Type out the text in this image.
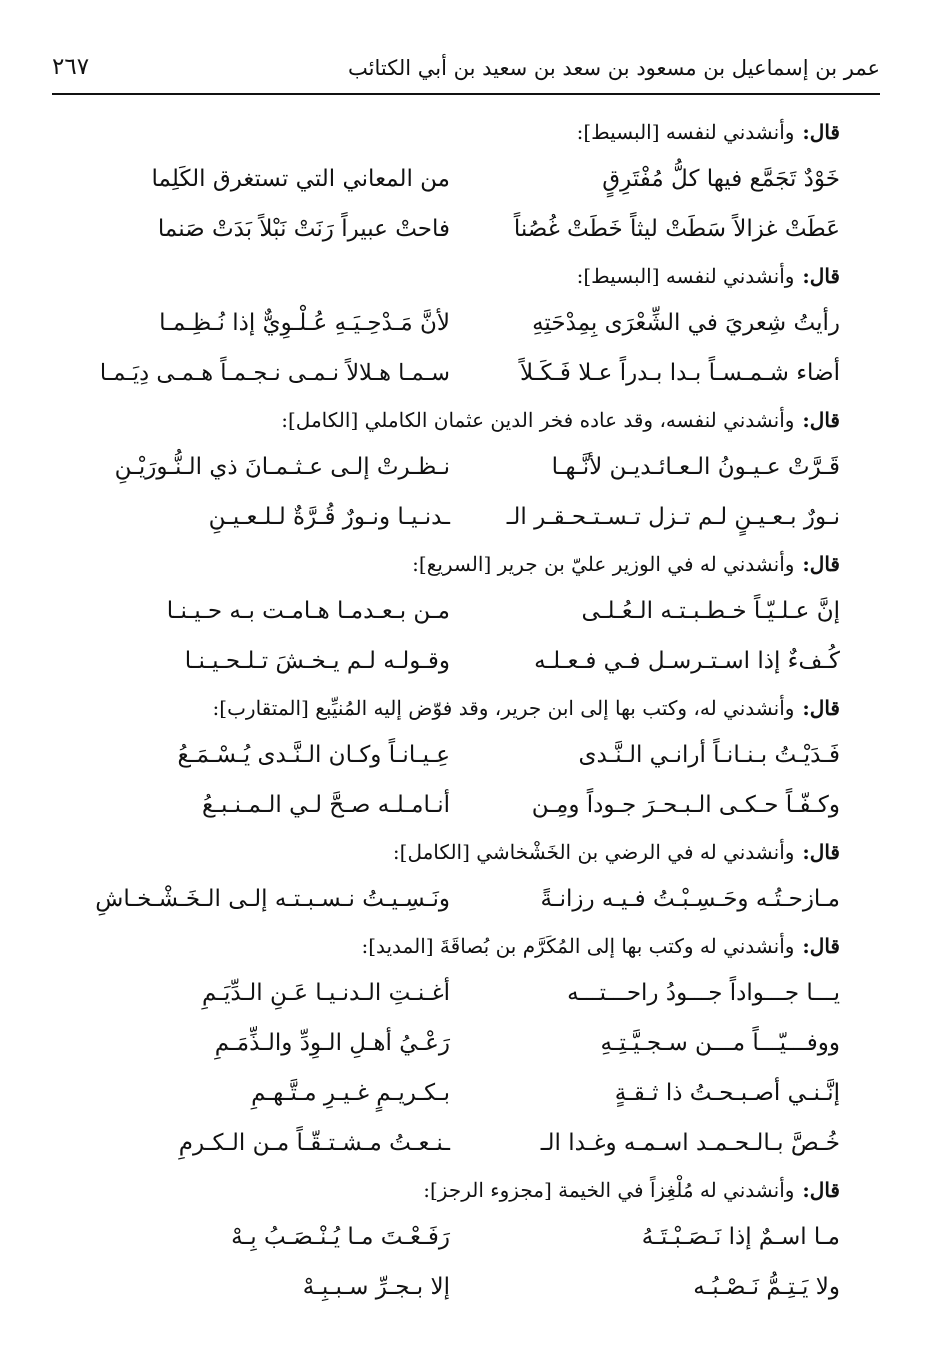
عمر بن إسماعيل بن مسعود بن سعد بن سعيد بن أبي الكتائب
٢٦٧
قال:وأنشدني لنفسه [البسيط]:
خَوْدٌ تَجَمَّع فيها كلُّ مُفْتَرِقٍ
من المعاني التي تستغرق الكَلِما
عَطَتْ غزالاً سَطَتْ ليثاً خَطَتْ غُصُناً
فاحتْ عبيراً رَنَتْ نَبْلاً بَدَتْ صَنما
قال:وأنشدني لنفسه [البسيط]:
رأيتُ شِعريَ في الشِّعْرَى بِمِدْحَتِهِ
لأنَّ مَـدْحِـيَـهِ عُـلْـوِيٌّ إذا نُـظِـمـا
أضاء شـمـسـاً بـدا بـدراً عـلا فَـكَـلاً
سـمـا هـلالاً نـمـى نـجـمـاً هـمـى دِيَـمـا
قال:وأنشدني لنفسه، وقد عاده فخر الدين عثمان الكاملي [الكامل]:
قَـرَّتْ عـيـونُ الـعـائـديـن لأنَّـهـا
نـظـرتْ إلـى عـثـمـانَ ذي الـنُّـورَيْـنِ
نـورٌ بـعـيـنٍ لـم تـزل تـسـتـحـقـر الـ
ـدنـيـا ونـورٌ قُـرَّةٌ لـلـعـيـنِ
قال:وأنشدني له في الوزير عليّ بن جرير [السريع]:
إنَّ عـلـيّـاً خـطـبـتـه الـعُـلـى
مـن بـعـدمـا هـامـت بـه حـيـنـا
كُـفءٌ إذا اسـتـرسـل فـي فـعـلـه
وقـولـه لـم يـخـشَ تـلـحـيـنـا
قال:وأنشدني له، وكتب بها إلى ابن جرير، وقد فوّض إليه المُنيِّبع [المتقارب]:
فَـدَيْـتُ بـنـانـاً أرانـي الـنَّـدى
عِـيـانـاً وكـان الـنَّـدى يُـسْـمَـعُ
وكـفّـاً حـكـى الـبـحـرَ جـوداً ومِـن
أنـامـلـه صـحَّ لـي الـمـنـبـعُ
قال:وأنشدني له في الرضي بن الخَشْخاشي [الكامل]:
مـازحـتُـه وحَـسِـبْـتُ فـيـه رزانـةً
ونَـسِـيـتُ نـسـبـتـه إلـى الـخَـشْـخـاشِ
قال:وأنشدني له وكتب بها إلى المُكَرَّم بن بُصاقَةَ [المديد]:
يـــا جـــواداً جـــودُ راحـــتـــه
أغـنـتِ الـدنـيـا عَـنِ الـدِّيَـمِ
ووفـــيّـــاً مـــن سـجـيَّـتِـهِ
رَعْـيُ أهـلِ الـوِدِّ والـذِّمَـمِ
إنَّـنـي أصـبـحـتُ ذا ثـقـةٍ
بـكـريـمٍ غـيـرِ مـتَّـهـمِ
خُـصَّ بـالـحـمـد اسـمـه وغـدا الـ
ـنـعـتُ مـشـتـقّـاً مـن الـكـرمِ
قال:وأنشدني له مُلْغِزاً في الخيمة [مجزوء الرجز]:
مـا اسـمٌ إذا نَـصَـبْـتَـهُ
رَفَـعْـتَ مـا يُـنْـصَـبُ بِـهْ
ولا يَـتِـمُّ نَـصْـبُـه
إلا بـجـرِّ سـبـبِـهْ
